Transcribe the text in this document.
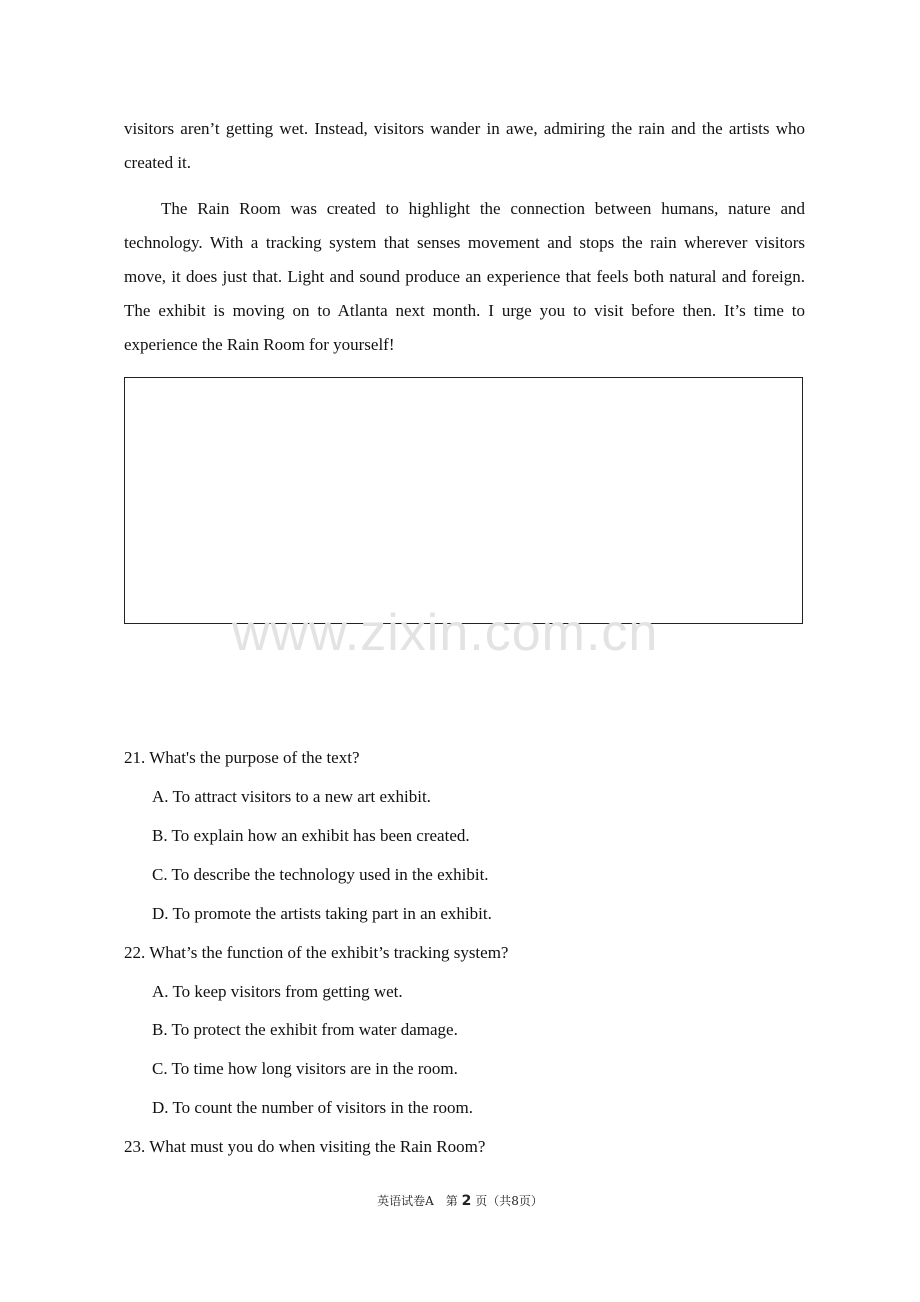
visitors aren’t getting wet. Instead, visitors wander in awe, admiring the rain and the artists who created it.

The Rain Room was created to highlight the connection between humans, nature and technology. With a tracking system that senses movement and stops the rain wherever visitors move, it does just that. Light and sound produce an experience that feels both natural and foreign. The exhibit is moving on to Atlanta next month. I urge you to visit before then. It’s time to experience the Rain Room for yourself!

www.zixin.com.cn
21. What's the purpose of the text?
A. To attract visitors to a new art exhibit.
B. To explain how an exhibit has been created.
C. To describe the technology used in the exhibit.
D. To promote the artists taking part in an exhibit.
22. What’s the function of the exhibit’s tracking system?
A. To keep visitors from getting wet.
B. To protect the exhibit from water damage.
C. To time how long visitors are in the room.
D. To count the number of visitors in the room.
23. What must you do when visiting the Rain Room?
英语试卷A　第 2 页（共8页）
